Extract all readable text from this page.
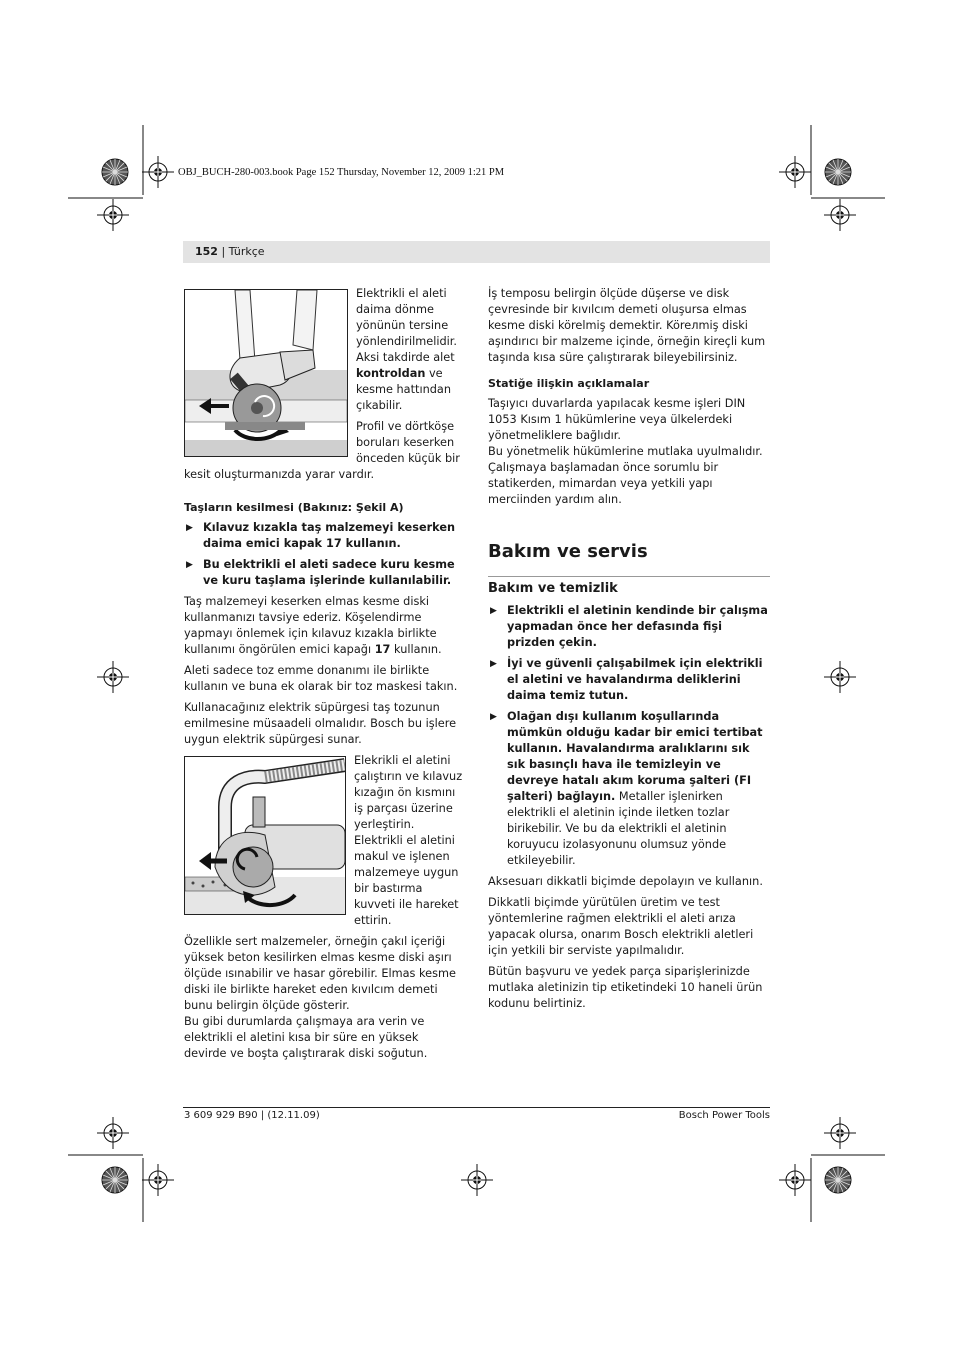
OBJ_BUCH-280-003.book Page 152 Thursday, November 12, 2009 1:21 PM
152 | Türkçe

Elektrikli el aleti daima dönme yönünün tersine yönlendirilmelidir. Aksi takdirde alet kontroldan ve kesme hattından çıkabilir.

Profil ve dörtköşe boruları keserken önceden küçük bir kesit oluşturmanızda yarar vardır.

Taşların kesilmesi (Bakınız: Şekil A)
▶ Kılavuz kızakla taş malzemeyi keserken daima emici kapak 17 kullanın.
▶ Bu elektrikli el aleti sadece kuru kesme ve kuru taşlama işlerinde kullanılabilir.

Taş malzemeyi keserken elmas kesme diski kullanmanızı tavsiye ederiz. Köşelendirme yapmayı önlemek için kılavuz kızakla birlikte kullanımı öngörülen emici kapağı 17 kullanın.

Aleti sadece toz emme donanımı ile birlikte kullanın ve buna ek olarak bir toz maskesi takın.

Kullanacağınız elektrik süpürgesi taş tozunun emilmesine müsaadeli olmalıdır. Bosch bu işlere uygun elektrik süpürgesi sunar.

Elekrikli el aletini çalıştırın ve kılavuz kızağın ön kısmını iş parçası üzerine yerleştirin. Elektrikli el aletini makul ve işlenen malzemeye uygun bir bastırma kuvveti ile hareket ettirin.

Özellikle sert malzemeler, örneğin çakıl içeriği yüksek beton kesilirken elmas kesme diski aşırı ölçüde ısınabilir ve hasar görebilir. Elmas kesme diski ile birlikte hareket eden kıvılcım demeti bunu belirgin ölçüde gösterir.

Bu gibi durumlarda çalışmaya ara verin ve elektrikli el aletini kısa bir süre en yüksek devirde ve boşta çalıştırarak diski soğutun.

İş temposu belirgin ölçüde düşerse ve disk çevresinde bir kıvılcım demeti oluşursa elmas kesme diski körelmiş demektir. Köreлmiş diski aşındırıcı bir malzeme içinde, örneğin kireçli kum taşında kısa süre çalıştırarak bileyebilirsiniz.

Statiğe ilişkin açıklamalar

Taşıyıcı duvarlarda yapılacak kesme işleri DIN 1053 Kısım 1 hükümlerine veya ülkelerdeki yönetmeliklere bağlıdır.

Bu yönetmelik hükümlerine mutlaka uyulmalıdır. Çalışmaya başlamadan önce sorumlu bir statikerden, mimardan veya yetkili yapı merciinden yardım alın.

Bakım ve servis
Bakım ve temizlik
▶ Elektrikli el aletinin kendinde bir çalışma yapmadan önce her defasında fişi prizden çekin.
▶ İyi ve güvenli çalışabilmek için elektrikli el aletini ve havalandırma deliklerini daima temiz tutun.
▶ Olağan dışı kullanım koşullarında mümkün olduğu kadar bir emici tertibat kullanın. Havalandırma aralıklarını sık sık basınçlı hava ile temizleyin ve devreye hatalı akım koruma şalteri (FI şalteri) bağlayın. Metaller işlenirken elektrikli el aletinin içinde iletken tozlar birikebilir. Ve bu da elektrikli el aletinin koruyucu izolasyonunu olumsuz yönde etkileyebilir.

Aksesuarı dikkatli biçimde depolayın ve kullanın.

Dikkatli biçimde yürütülen üretim ve test yöntemlerine rağmen elektrikli el aleti arıza yapacak olursa, onarım Bosch elektrikli aletleri için yetkili bir serviste yapılmalıdır.

Bütün başvuru ve yedek parça siparişlerinizde mutlaka aletinizin tip etiketindeki 10 haneli ürün kodunu belirtiniz.

3 609 929 B90 | (12.11.09)	Bosch Power Tools
